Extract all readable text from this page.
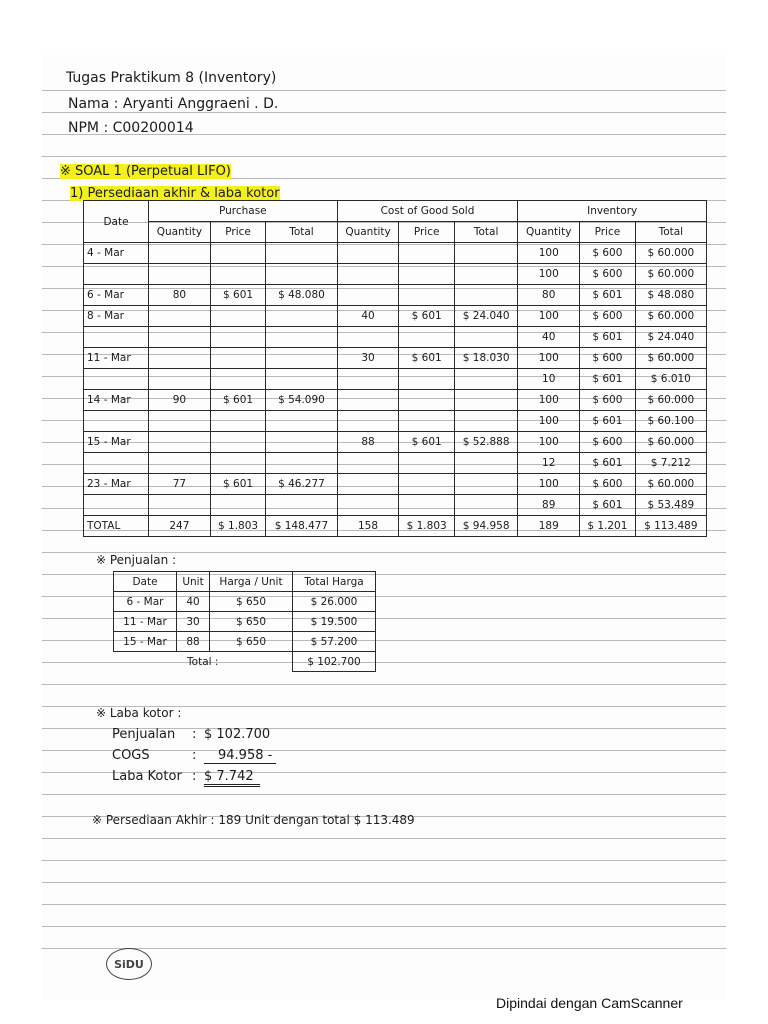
Tugas Praktikum 8 (Inventory)
Nama : Aryanti Anggraeni . D.
NPM : C00200014
※ SOAL 1 (Perpetual LIFO)
1) Persediaan akhir & laba kotor
Date	Purchase			Cost of Good Sold			Inventory		
	Quantity	Price	Total	Quantity	Price	Total	Quantity	Price	Total
4 - Mar							100	$ 600	$ 60.000
							100	$ 600	$ 60.000
6 - Mar	80	$ 601	$ 48.080				80	$ 601	$ 48.080
8 - Mar				40	$ 601	$ 24.040	100	$ 600	$ 60.000
							40	$ 601	$ 24.040
11 - Mar				30	$ 601	$ 18.030	100	$ 600	$ 60.000
							10	$ 601	$ 6.010
14 - Mar	90	$ 601	$ 54.090				100	$ 600	$ 60.000
							100	$ 601	$ 60.100
15 - Mar				88	$ 601	$ 52.888	100	$ 600	$ 60.000
							12	$ 601	$ 7.212
23 - Mar	77	$ 601	$ 46.277				100	$ 600	$ 60.000
							89	$ 601	$ 53.489
TOTAL	247	$ 1.803	$ 148.477	158	$ 1.803	$ 94.958	189	$ 1.201	$ 113.489
※ Penjualan :
Date	Unit	Harga / Unit	Total Harga
6 - Mar	40	$ 650	$ 26.000
11 - Mar	30	$ 650	$ 19.500
15 - Mar	88	$ 650	$ 57.200
Total :			$ 102.700
※ Laba kotor :
Penjualan : $ 102.700
COGS	: 94.958 -
Laba Kotor : $ 7.742
※ Persediaan Akhir : 189 Unit dengan total $ 113.489
SiDU
Dipindai dengan CamScanner
